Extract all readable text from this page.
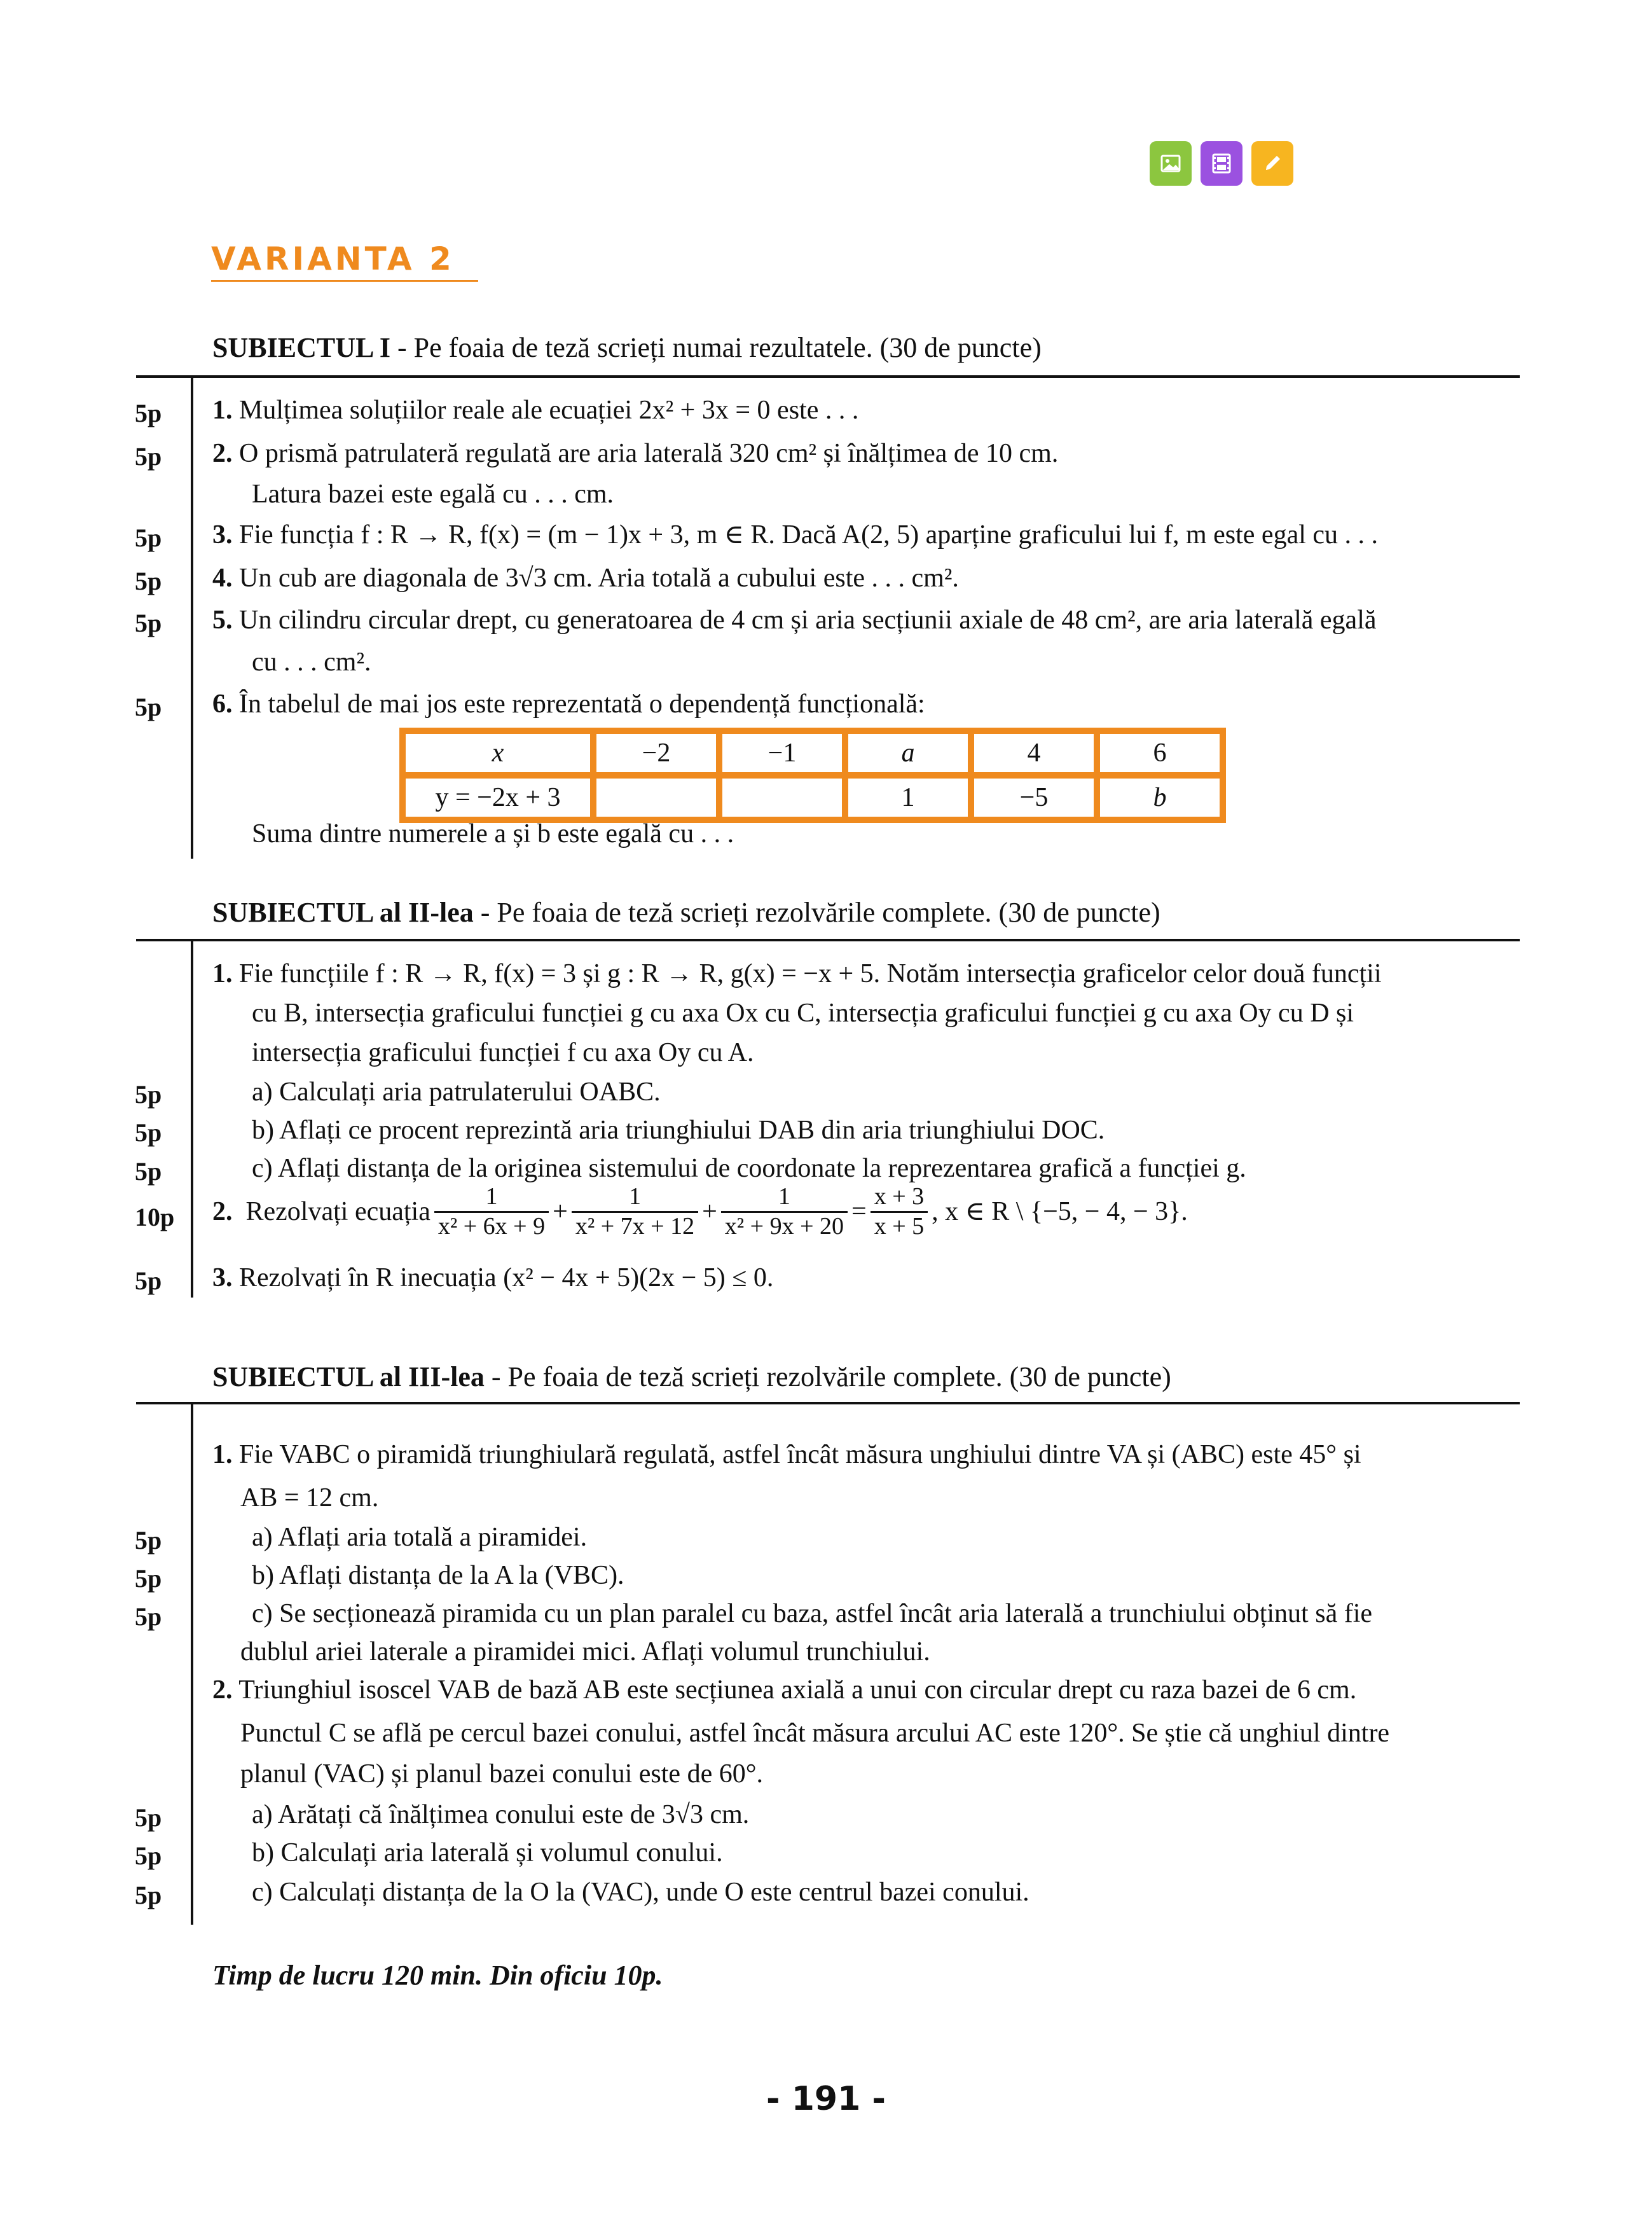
VARIANTA 2
SUBIECTUL I - Pe foaia de teză scrieți numai rezultatele. (30 de puncte)
5p
5p
5p
5p
5p
5p
1. Mulțimea soluțiilor reale ale ecuației 2x² + 3x = 0 este . . .
2. O prismă patrulateră regulată are aria laterală 320 cm² și înălțimea de 10 cm.
Latura bazei este egală cu . . . cm.
3. Fie funcția f : R → R, f(x) = (m − 1)x + 3, m ∈ R. Dacă A(2, 5) aparține graficului lui f, m este egal cu . . .
4. Un cub are diagonala de 3√3 cm. Aria totală a cubului este . . . cm².
5. Un cilindru circular drept, cu generatoarea de 4 cm și aria secțiunii axiale de 48 cm², are aria laterală egală
cu . . . cm².
6. În tabelul de mai jos este reprezentată o dependență funcțională:
x	−2	−1	a	4	6
y = −2x + 3			1	−5	b
Suma dintre numerele a și b este egală cu . . .
SUBIECTUL al II-lea - Pe foaia de teză scrieți rezolvările complete. (30 de puncte)
5p
5p
5p
10p
5p
1. Fie funcțiile f : R → R, f(x) = 3 și g : R → R, g(x) = −x + 5. Notăm intersecția graficelor celor două funcții
cu B, intersecția graficului funcției g cu axa Ox cu C, intersecția graficului funcției g cu axa Oy cu D și
intersecția graficului funcției f cu axa Oy cu A.
a) Calculați aria patrulaterului OABC.
b) Aflați ce procent reprezintă aria triunghiului DAB din aria triunghiului DOC.
c) Aflați distanța de la originea sistemului de coordonate la reprezentarea grafică a funcției g.
2.
Rezolvați ecuația $\frac{1}{\text{x² + 6x + 9}} + \frac{1}{\text{x² + 7x + 12}} + \frac{1}{\text{x² + 9x + 20}} = \frac{x + 3}{x + 5}$ , x ∈ R \ {−5, − 4, − 3}.
3. Rezolvați în R inecuația (x² − 4x + 5)(2x − 5) ≤ 0.
SUBIECTUL al III-lea - Pe foaia de teză scrieți rezolvările complete. (30 de puncte)
5p
5p
5p
5p
5p
5p
1. Fie VABC o piramidă triunghiulară regulată, astfel încât măsura unghiului dintre VA și (ABC) este 45° și
AB = 12 cm.
a) Aflați aria totală a piramidei.
b) Aflați distanța de la A la (VBC).
c) Se secționează piramida cu un plan paralel cu baza, astfel încât aria laterală a trunchiului obținut să fie
dublul ariei laterale a piramidei mici. Aflați volumul trunchiului.
2. Triunghiul isoscel VAB de bază AB este secțiunea axială a unui con circular drept cu raza bazei de 6 cm.
Punctul C se află pe cercul bazei conului, astfel încât măsura arcului AC este 120°. Se știe că unghiul dintre
planul (VAC) și planul bazei conului este de 60°.
a) Arătați că înălțimea conului este de 3√3 cm.
b) Calculați aria laterală și volumul conului.
c) Calculați distanța de la O la (VAC), unde O este centrul bazei conului.
Timp de lucru 120 min. Din oficiu 10p.
- 191 -
